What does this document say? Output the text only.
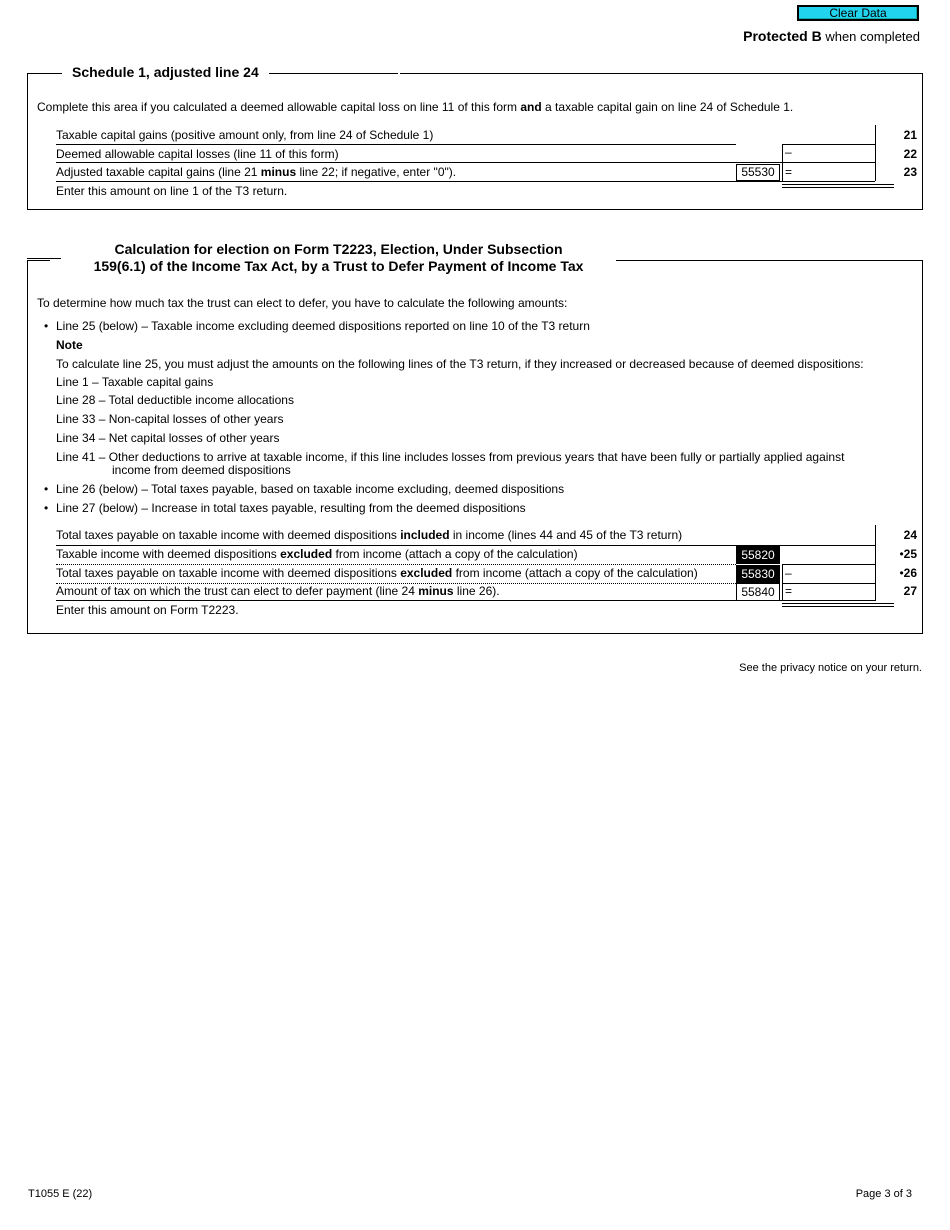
Clear Data
Protected B when completed
Schedule 1, adjusted line 24
Complete this area if you calculated a deemed allowable capital loss on line 11 of this form and a taxable capital gain on line 24 of Schedule 1.
Taxable capital gains (positive amount only, from line 24 of Schedule 1)	21
Deemed allowable capital losses (line 11 of this form)	–	22
Adjusted taxable capital gains (line 21 minus line 22; if negative, enter "0").	55530 =	23
Enter this amount on line 1 of the T3 return.
Calculation for election on Form T2223, Election, Under Subsection
159(6.1) of the Income Tax Act, by a Trust to Defer Payment of Income Tax
To determine how much tax the trust can elect to defer, you have to calculate the following amounts:
• Line 25 (below) – Taxable income excluding deemed dispositions reported on line 10 of the T3 return
Note
To calculate line 25, you must adjust the amounts on the following lines of the T3 return, if they increased or decreased because of deemed dispositions:
Line 1 – Taxable capital gains
Line 28 – Total deductible income allocations
Line 33 – Non-capital losses of other years
Line 34 – Net capital losses of other years
Line 41 – Other deductions to arrive at taxable income, if this line includes losses from previous years that have been fully or partially applied against
income from deemed dispositions
• Line 26 (below) – Total taxes payable, based on taxable income excluding, deemed dispositions
• Line 27 (below) – Increase in total taxes payable, resulting from the deemed dispositions
Total taxes payable on taxable income with deemed dispositions included in income (lines 44 and 45 of the T3 return)	24
Taxable income with deemed dispositions excluded from income (attach a copy of the calculation)	55820	•25
Total taxes payable on taxable income with deemed dispositions excluded from income (attach a copy of the calculation)	55830 –	•26
Amount of tax on which the trust can elect to defer payment (line 24 minus line 26).	55840 =	27
Enter this amount on Form T2223.
See the privacy notice on your return.
T1055 E (22)	Page 3 of 3
